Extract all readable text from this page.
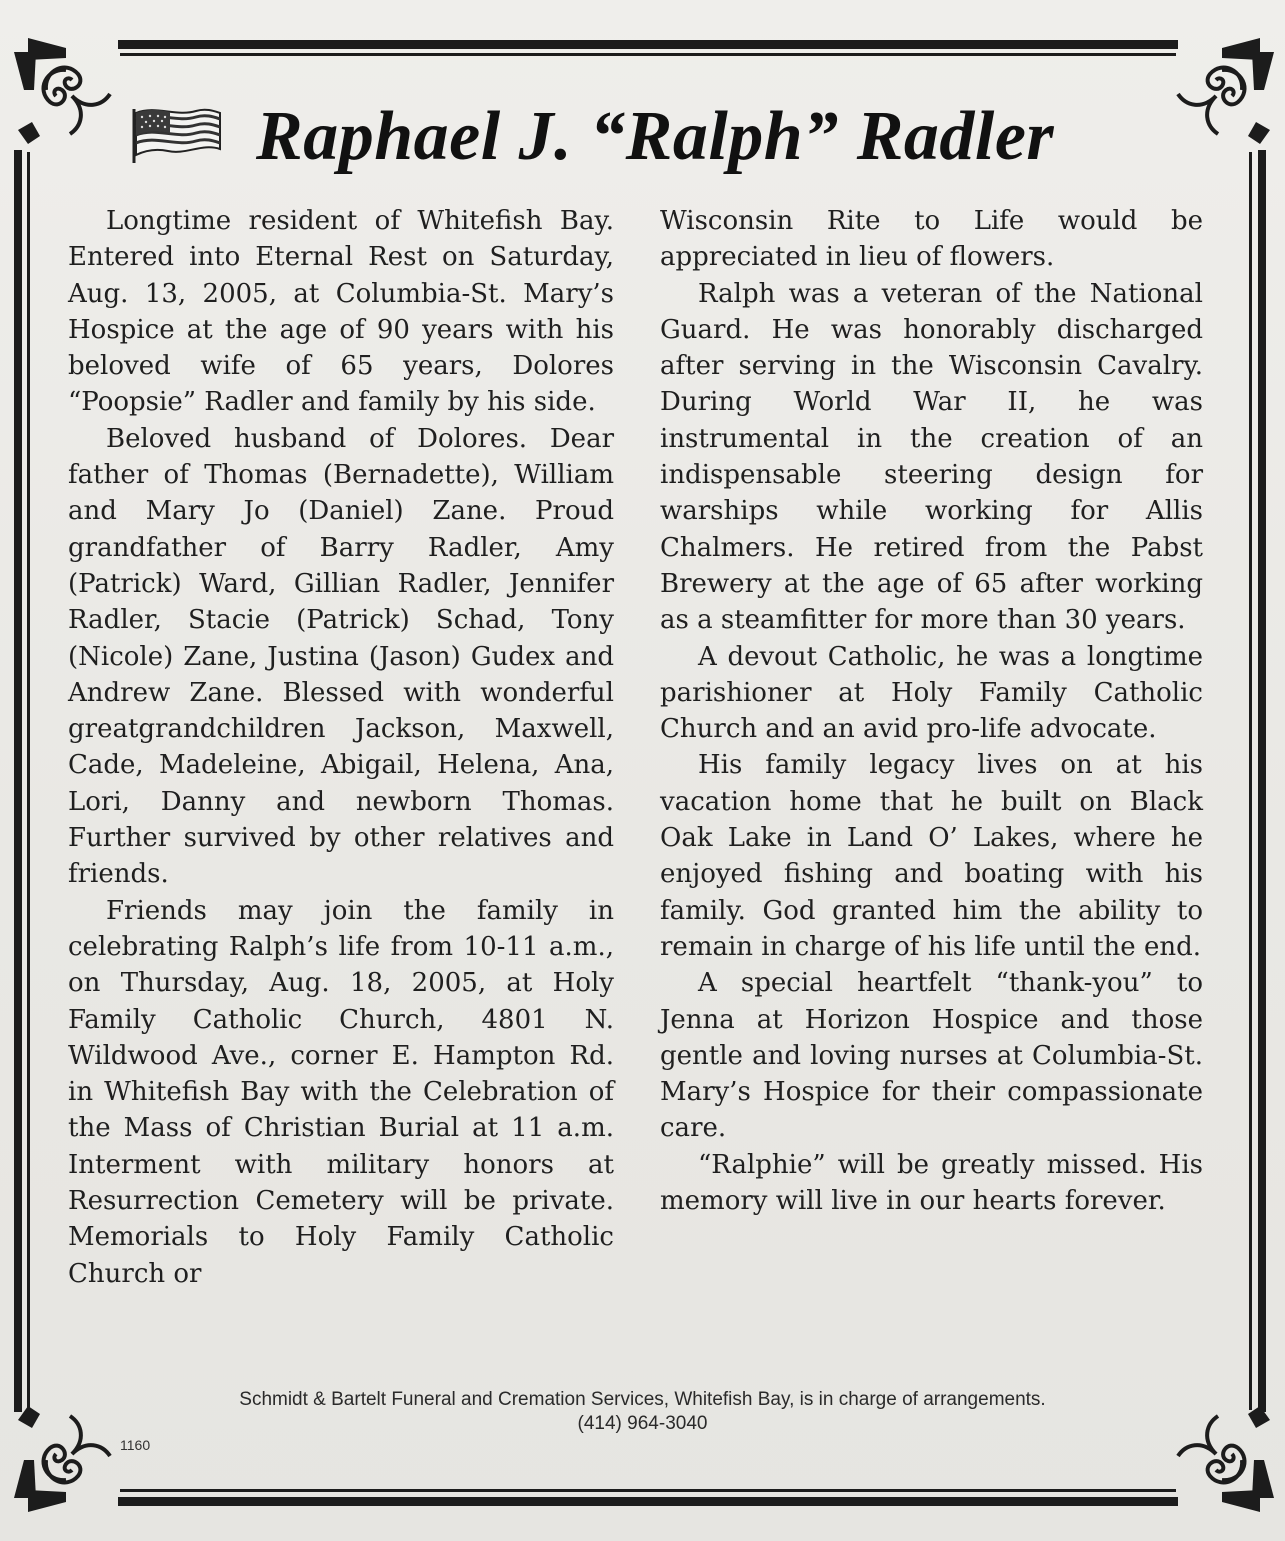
Raphael J. “Ralph” Radler

Longtime resident of Whitefish Bay. Entered into Eternal Rest on Saturday, Aug. 13, 2005, at Columbia-St. Mary’s Hospice at the age of 90 years with his beloved wife of 65 years, Dolores “Poopsie” Radler and family by his side.

Beloved husband of Dolores. Dear father of Thomas (Bernadette), William and Mary Jo (Daniel) Zane. Proud grandfather of Barry Radler, Amy (Patrick) Ward, Gillian Radler, Jennifer Radler, Stacie (Patrick) Schad, Tony (Nicole) Zane, Justina (Jason) Gudex and Andrew Zane. Blessed with wonderful greatgrandchildren Jackson, Maxwell, Cade, Madeleine, Abigail, Helena, Ana, Lori, Danny and newborn Thomas. Further survived by other relatives and friends.

Friends may join the family in celebrating Ralph’s life from 10-11 a.m., on Thursday, Aug. 18, 2005, at Holy Family Catholic Church, 4801 N. Wildwood Ave., corner E. Hampton Rd. in Whitefish Bay with the Celebration of the Mass of Christian Burial at 11 a.m. Interment with military honors at Resurrection Cemetery will be private. Memorials to Holy Family Catholic Church or

Wisconsin Rite to Life would be appreciated in lieu of flowers.

Ralph was a veteran of the National Guard. He was honorably discharged after serving in the Wisconsin Cavalry. During World War II, he was instrumental in the creation of an indispensable steering design for warships while working for Allis Chalmers. He retired from the Pabst Brewery at the age of 65 after working as a steamfitter for more than 30 years.

A devout Catholic, he was a longtime parishioner at Holy Family Catholic Church and an avid pro-life advocate.

His family legacy lives on at his vacation home that he built on Black Oak Lake in Land O’ Lakes, where he enjoyed fishing and boating with his family. God granted him the ability to remain in charge of his life until the end.

A special heartfelt “thank-you” to Jenna at Horizon Hospice and those gentle and loving nurses at Columbia-St. Mary’s Hospice for their compassionate care.

“Ralphie” will be greatly missed. His memory will live in our hearts forever.

Schmidt & Bartelt Funeral and Cremation Services, Whitefish Bay, is in charge of arrangements.
(414) 964-3040
1160
